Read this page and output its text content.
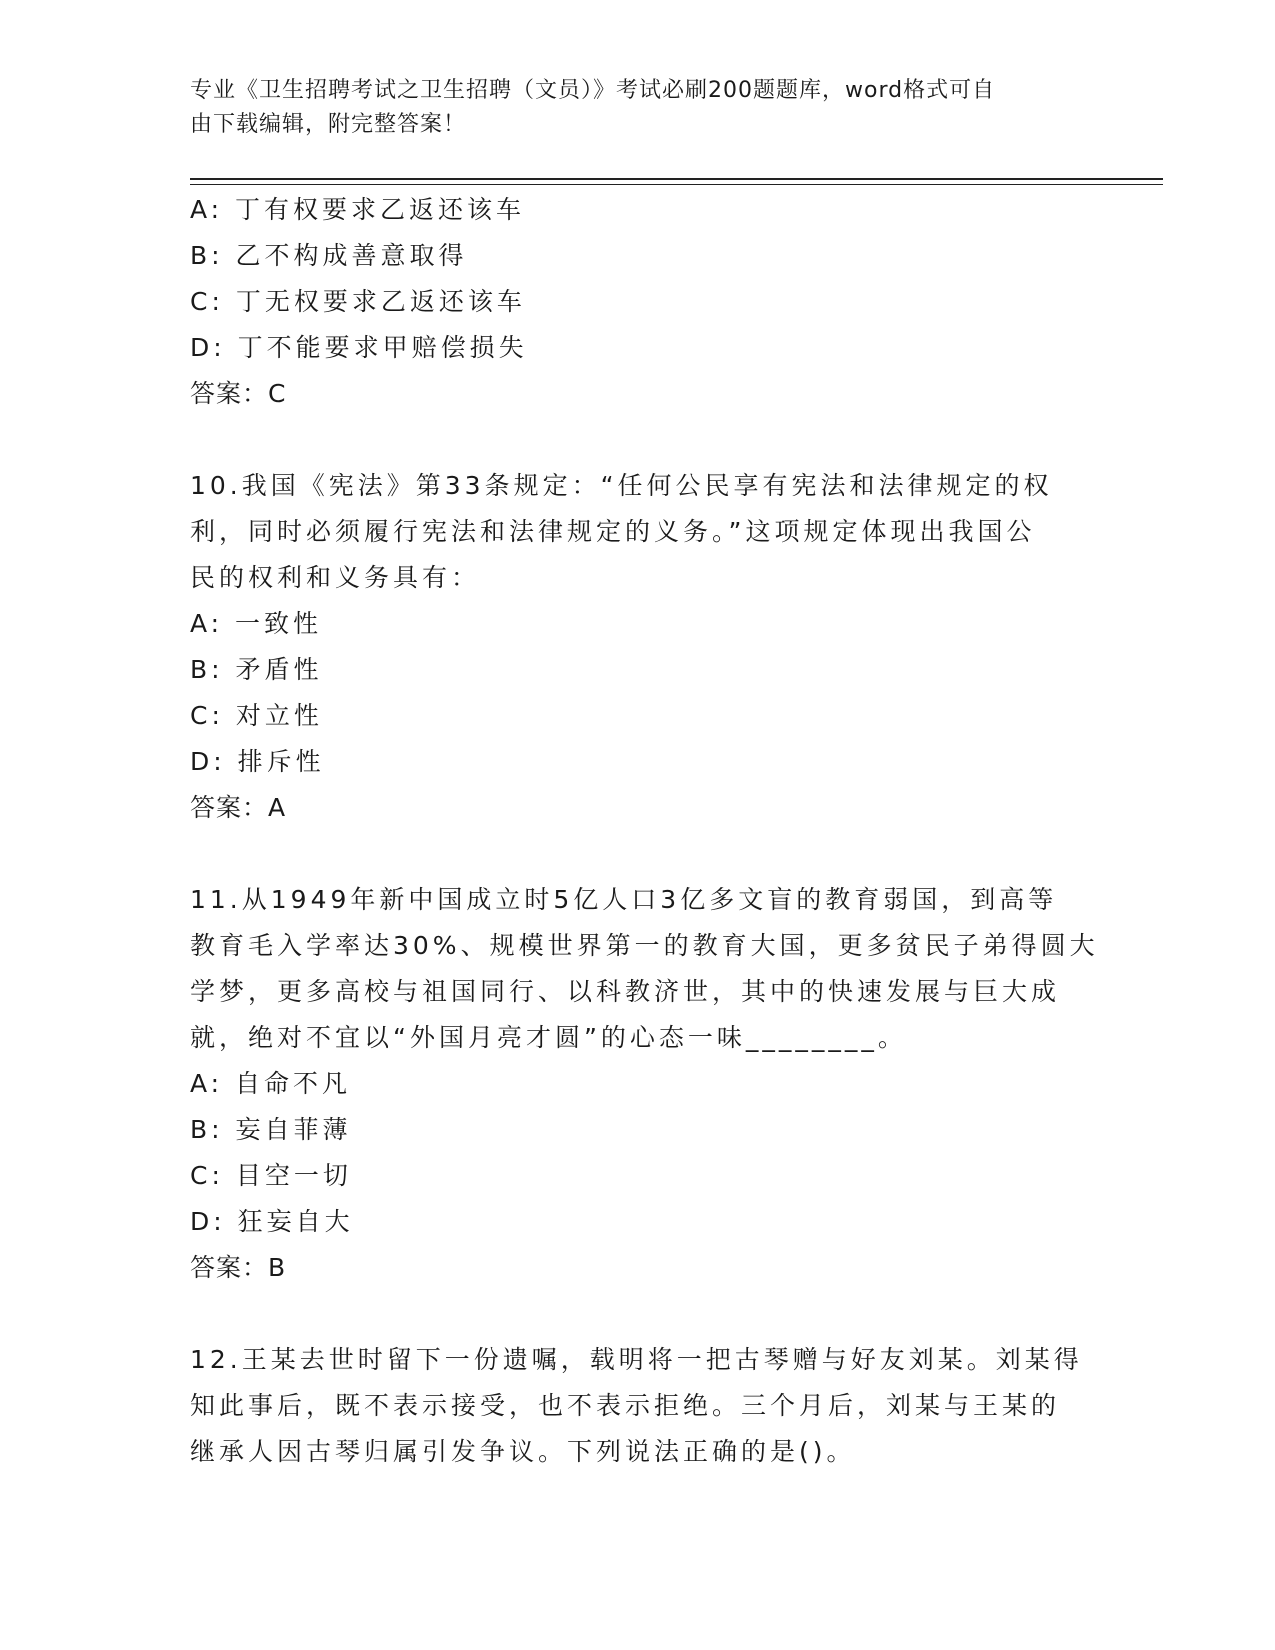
专业《卫生招聘考试之卫生招聘（文员）》考试必刷200题题库，word格式可自
由下载编辑，附完整答案！
A: 丁有权要求乙返还该车
B: 乙不构成善意取得
C: 丁无权要求乙返还该车
D: 丁不能要求甲赔偿损失
答案：C
10.我国《宪法》第33条规定：“任何公民享有宪法和法律规定的权
利，同时必须履行宪法和法律规定的义务。”这项规定体现出我国公
民的权利和义务具有：
A: 一致性
B: 矛盾性
C: 对立性
D: 排斥性
答案：A
11.从1949年新中国成立时5亿人口3亿多文盲的教育弱国，到高等
教育毛入学率达30%、规模世界第一的教育大国，更多贫民子弟得圆大
学梦，更多高校与祖国同行、以科教济世，其中的快速发展与巨大成
就，绝对不宜以“外国月亮才圆”的心态一味________。
A: 自命不凡
B: 妄自菲薄
C: 目空一切
D: 狂妄自大
答案：B
12.王某去世时留下一份遗嘱，载明将一把古琴赠与好友刘某。刘某得
知此事后，既不表示接受，也不表示拒绝。三个月后，刘某与王某的
继承人因古琴归属引发争议。下列说法正确的是()。
